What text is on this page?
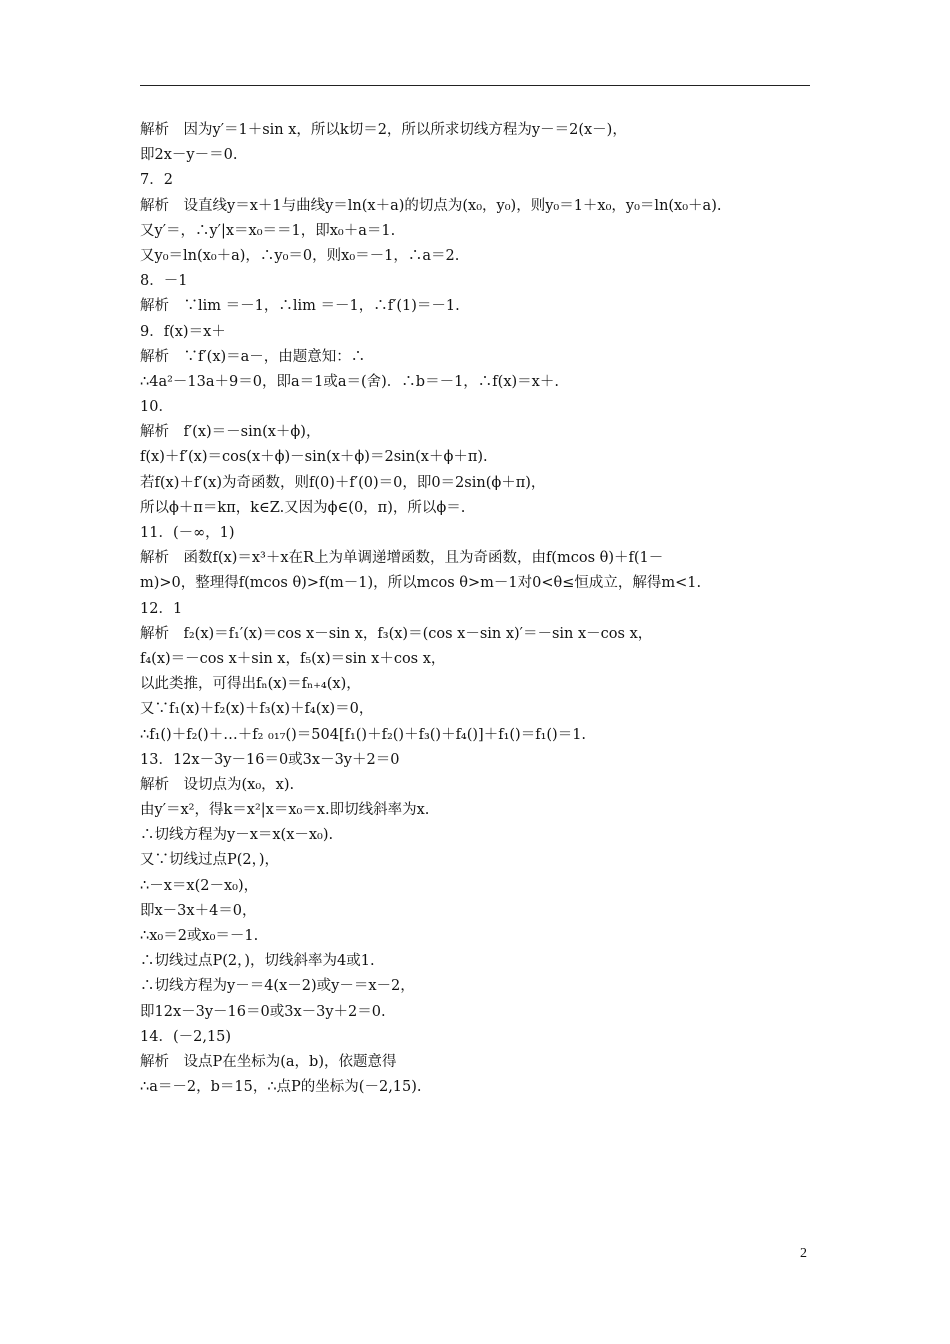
解析　因为y′＝1＋sin x，所以k切＝2，所以所求切线方程为y－＝2(x－)，
即2x－y－＝0.
7．2
解析　设直线y＝x＋1与曲线y＝ln(x＋a)的切点为(x₀，y₀)，则y₀＝1＋x₀，y₀＝ln(x₀＋a).
又y′＝，∴y′|x＝x₀＝＝1，即x₀＋a＝1.
又y₀＝ln(x₀＋a)，∴y₀＝0，则x₀＝－1，∴a＝2.
8．－1
解析　∵lim ＝－1，∴lim ＝－1，∴f′(1)＝－1.
9．f(x)＝x＋
解析　∵f′(x)＝a－，由题意知：∴
∴4a²－13a＋9＝0，即a＝1或a＝(舍)．∴b＝－1，∴f(x)＝x＋.
10．
解析　f′(x)＝－sin(x＋ϕ)，
f(x)＋f′(x)＝cos(x＋ϕ)－sin(x＋ϕ)＝2sin(x＋ϕ＋π).
若f(x)＋f′(x)为奇函数，则f(0)＋f′(0)＝0，即0＝2sin(ϕ＋π)，
所以ϕ＋π＝kπ，k∈Z.又因为ϕ∈(0，π)，所以ϕ＝.
11．(－∞，1)
解析　函数f(x)＝x³＋x在R上为单调递增函数，且为奇函数，由f(mcos θ)＋f(1－
m)>0，整理得f(mcos θ)>f(m－1)，所以mcos θ>m－1对0<θ≤恒成立，解得m<1.
12．1
解析　f₂(x)＝f₁′(x)＝cos x－sin x，f₃(x)＝(cos x－sin x)′＝－sin x－cos x，
f₄(x)＝－cos x＋sin x，f₅(x)＝sin x＋cos x，
以此类推，可得出fₙ(x)＝fₙ₊₄(x)，
又∵f₁(x)＋f₂(x)＋f₃(x)＋f₄(x)＝0，
∴f₁()＋f₂()＋…＋f₂ ₀₁₇()＝504[f₁()＋f₂()＋f₃()＋f₄()]＋f₁()＝f₁()＝1.
13．12x－3y－16＝0或3x－3y＋2＝0
解析　设切点为(x₀，x).
由y′＝x²，得k＝x²|x＝x₀＝x.即切线斜率为x.
∴切线方程为y－x＝x(x－x₀).
又∵切线过点P(2，)，
∴－x＝x(2－x₀)，
即x－3x＋4＝0，
∴x₀＝2或x₀＝－1.
∴切线过点P(2，)，切线斜率为4或1.
∴切线方程为y－＝4(x－2)或y－＝x－2，
即12x－3y－16＝0或3x－3y＋2＝0.
14．(－2,15)
解析　设点P在坐标为(a，b)，依题意得
∴a＝－2，b＝15，∴点P的坐标为(－2,15).
2
